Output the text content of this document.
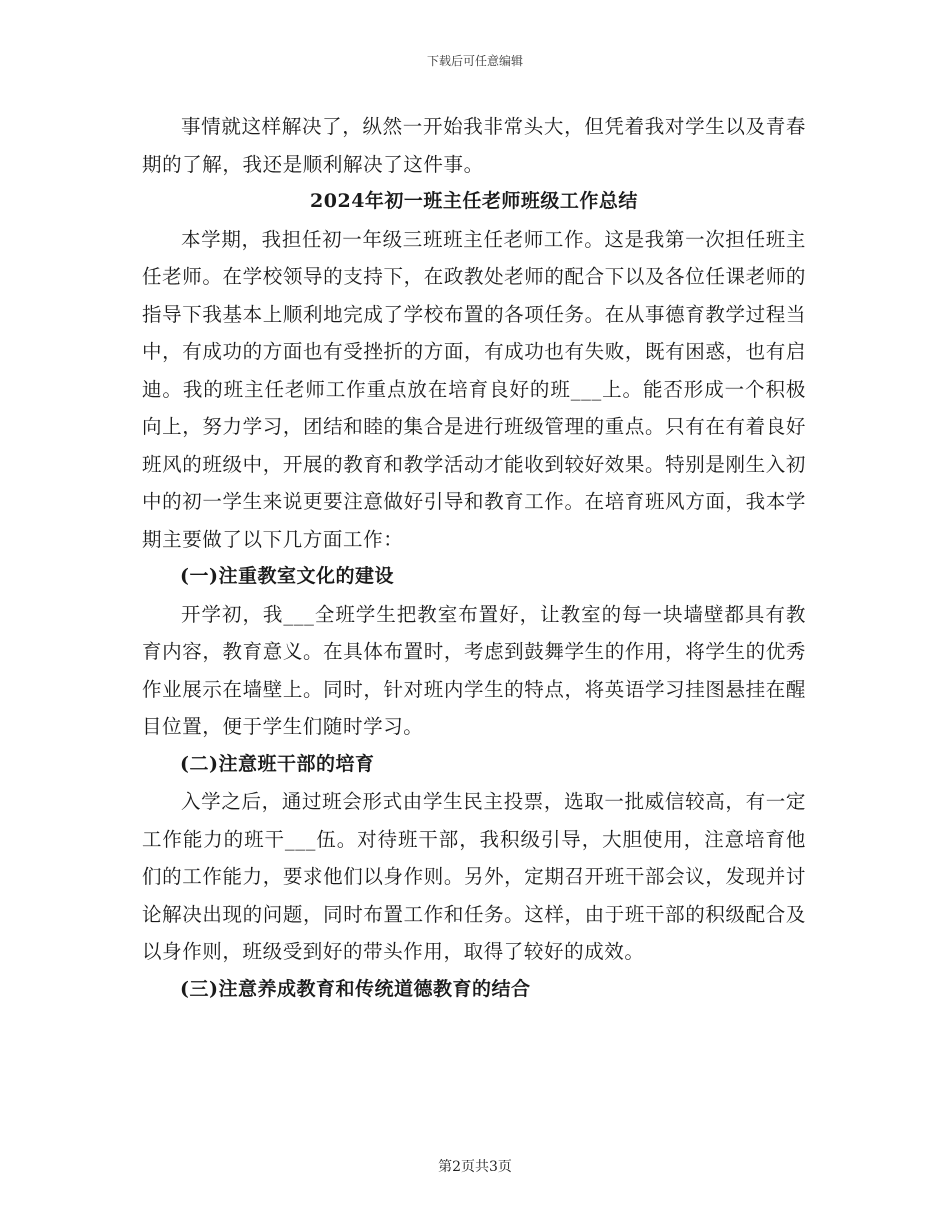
下载后可任意编辑

事情就这样解决了，纵然一开始我非常头大，但凭着我对学生以及青春期的了解，我还是顺利解决了这件事。

2024年初一班主任老师班级工作总结

本学期，我担任初一年级三班班主任老师工作。这是我第一次担任班主任老师。在学校领导的支持下，在政教处老师的配合下以及各位任课老师的指导下我基本上顺利地完成了学校布置的各项任务。在从事德育教学过程当中，有成功的方面也有受挫折的方面，有成功也有失败，既有困惑，也有启迪。我的班主任老师工作重点放在培育良好的班___上。能否形成一个积极向上，努力学习，团结和睦的集合是进行班级管理的重点。只有在有着良好班风的班级中，开展的教育和教学活动才能收到较好效果。特别是刚生入初中的初一学生来说更要注意做好引导和教育工作。在培育班风方面，我本学期主要做了以下几方面工作：

(一)注重教室文化的建设

开学初，我___全班学生把教室布置好，让教室的每一块墙壁都具有教育内容，教育意义。在具体布置时，考虑到鼓舞学生的作用，将学生的优秀作业展示在墙壁上。同时，针对班内学生的特点，将英语学习挂图悬挂在醒目位置，便于学生们随时学习。

(二)注意班干部的培育

入学之后，通过班会形式由学生民主投票，选取一批威信较高，有一定工作能力的班干___伍。对待班干部，我积级引导，大胆使用，注意培育他们的工作能力，要求他们以身作则。另外，定期召开班干部会议，发现并讨论解决出现的问题，同时布置工作和任务。这样，由于班干部的积级配合及以身作则，班级受到好的带头作用，取得了较好的成效。

(三)注意养成教育和传统道德教育的结合

第2页共3页
